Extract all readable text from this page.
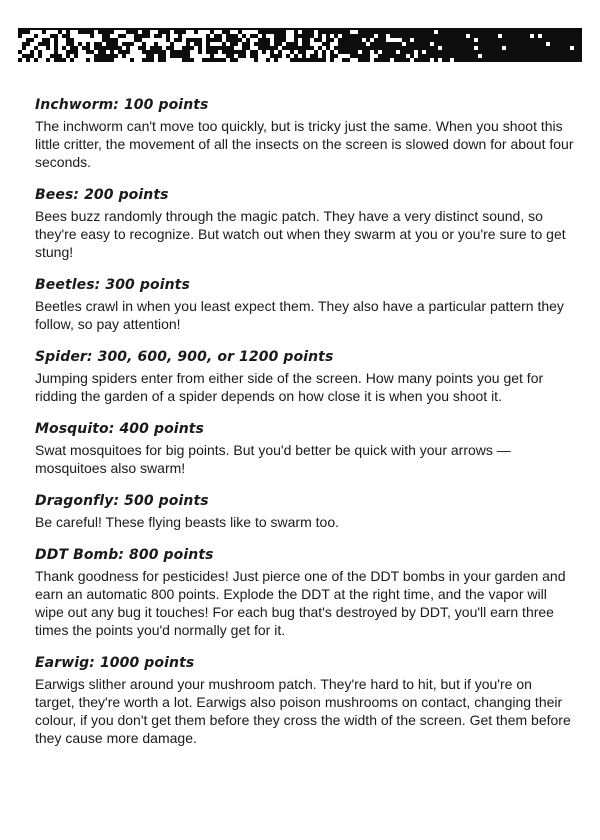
Inchworm: 100 points

The inchworm can't move too quickly, but is tricky just the same. When you shoot this little critter, the movement of all the insects on the screen is slowed down for about four seconds.

Bees: 200 points

Bees buzz randomly through the magic patch. They have a very distinct sound, so they're easy to recognize. But watch out when they swarm at you or you're sure to get stung!

Beetles: 300 points

Beetles crawl in when you least expect them. They also have a particular pattern they follow, so pay attention!

Spider: 300, 600, 900, or 1200 points

Jumping spiders enter from either side of the screen. How many points you get for ridding the garden of a spider depends on how close it is when you shoot it.

Mosquito: 400 points

Swat mosquitoes for big points. But you'd better be quick with your arrows — mosquitoes also swarm!

Dragonfly: 500 points

Be careful! These flying beasts like to swarm too.

DDT Bomb: 800 points

Thank goodness for pesticides! Just pierce one of the DDT bombs in your garden and earn an automatic 800 points. Explode the DDT at the right time, and the vapor will wipe out any bug it touches! For each bug that's destroyed by DDT, you'll earn three times the points you'd normally get for it.

Earwig: 1000 points

Earwigs slither around your mushroom patch. They're hard to hit, but if you're on target, they're worth a lot. Earwigs also poison mushrooms on contact, changing their colour, if you don't get them before they cross the width of the screen. Get them before they cause more damage.
